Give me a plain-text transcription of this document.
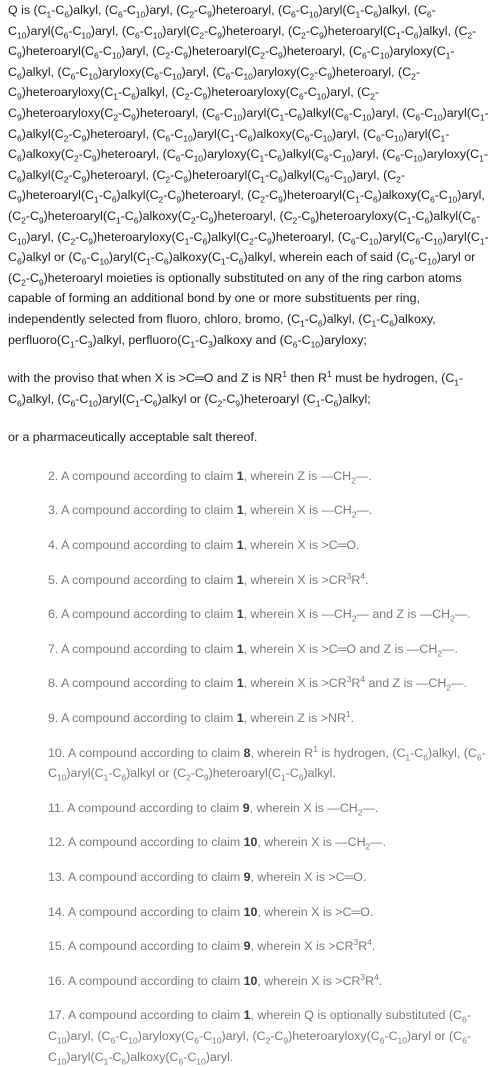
Q is $(C_1-C_6)alkyl$, $(C_6-C_{10})aryl$, $(C_2-C_9)heteroaryl$, $(C_6-C_{10})aryl(C_1-C_6)alkyl$, $(C_6-C_{10})aryl(C_6-C_{10})aryl$, $(C_6-C_{10})aryl(C_2-C_9)heteroaryl$, $(C_2-C_9)heteroaryl(C_1-C_6)alkyl$, $(C_2-C_9)heteroaryl(C_6-C_{10})aryl$, $(C_2-C_9)heteroaryl(C_2-C_9)heteroaryl$, $(C_6-C_{10})aryloxy(C_1-C_6)alkyl$, $(C_6-C_{10})aryloxy(C_6-C_{10})aryl$, $(C_6-C_{10})aryloxy(C_2-C_9)heteroaryl$, $(C_2-C_9)heteroaryloxy(C_1-C_6)alkyl$, $(C_2-C_9)heteroaryloxy(C_6-C_{10})aryl$, $(C_2-C_9)heteroaryloxy(C_2-C_9)heteroaryl$, $(C_6-C_{10})aryl(C_1-C_6)alkyl(C_6-C_{10})aryl$, $(C_6-C_{10})aryl(C_1-C_6)alkyl(C_2-C_9)heteroaryl$, $(C_6-C_{10})aryl(C_1-C_6)alkoxy(C_6-C_{10})aryl$, $(C_6-C_{10})aryl(C_1-C_6)alkoxy(C_2-C_9)heteroaryl$, $(C_6-C_{10})aryloxy(C_1-C_6)alkyl(C_6-C_{10})aryl$, $(C_6-C_{10})aryloxy(C_1-C_6)alkyl(C_2-C_9)heteroaryl$, $(C_2-C_9)heteroaryl(C_1-C_6)alkyl(C_6-C_{10})aryl$, $(C_2-C_9)heteroaryl(C_1-C_6)alkyl(C_2-C_9)heteroaryl$, $(C_2-C_9)heteroaryl(C_1-C_6)alkoxy(C_6-C_{10})aryl$, $(C_2-C_9)heteroaryl(C_1-C_6)alkoxy(C_2-C_9)heteroaryl$, $(C_2-C_9)heteroaryloxy(C_1-C_6)alkyl(C_6-C_{10})aryl$, $(C_2-C_9)heteroaryloxy(C_1-C_6)alkyl(C_2-C_9)heteroaryl$, $(C_6-C_{10})aryl(C_6-C_{10})aryl(C_1-C_6)alkyl$ or $(C_6-C_{10})aryl(C_1-C_6)alkoxy(C_1-C_6)alkyl$, wherein each of said $(C_6-C_{10})aryl$ or $(C_2-C_9)heteroaryl$ moieties is optionally substituted on any of the ring carbon atoms capable of forming an additional bond by one or more substituents per ring, independently selected from fluoro, chloro, bromo, $(C_1-C_6)alkyl$, $(C_1-C_6)alkoxy$, $perfluoro(C_1-C_3)alkyl$, $perfluoro(C_1-C_3)alkoxy$ and $(C_6-C_{10})aryloxy$;

with the proviso that when X is >C═O and Z is $NR^1$ then $R^1$ must be hydrogen, $(C_1-C_6)alkyl$, $(C_6-C_{10})aryl(C_1-C_6)alkyl$ or $(C_2-C_9)heteroaryl$ $(C_1-C_6)alkyl$;

or a pharmaceutically acceptable salt thereof.

2. A compound according to claim 1, wherein Z is $—CH_2—$.

3. A compound according to claim 1, wherein X is $—CH_2—$.

4. A compound according to claim 1, wherein X is >C═O.

5. A compound according to claim 1, wherein X is $>CR^3R^4$.

6. A compound according to claim 1, wherein X is $—CH_2—$ and Z is $—CH_2—$.

7. A compound according to claim 1, wherein X is >C═O and Z is $—CH_2—$.

8. A compound according to claim 1, wherein X is $>CR^3R^4$ and Z is $—CH_2—$.

9. A compound according to claim 1, wherein Z is $>NR^1$.

10. A compound according to claim 8, wherein $R^1$ is hydrogen, $(C_1-C_6)alkyl$, $(C_6-C_{10})aryl(C_1-C_6)alkyl$ or $(C_2-C_9)heteroaryl(C_1-C_6)alkyl$.

11. A compound according to claim 9, wherein X is $—CH_2—$.

12. A compound according to claim 10, wherein X is $—CH_2—$.

13. A compound according to claim 9, wherein X is >C═O.

14. A compound according to claim 10, wherein X is >C═O.

15. A compound according to claim 9, wherein X is $>CR^3R^4$.

16. A compound according to claim 10, wherein X is $>CR^3R^4$.

17. A compound according to claim 1, wherein Q is optionally substituted $(C_6-C_{10})aryl$, $(C_6-C_{10})aryloxy(C_6-C_{10})aryl$, $(C_2-C_9)heteroaryloxy(C_6-C_{10})aryl$ or $(C_6-C_{10})aryl(C_1-C_6)alkoxy(C_6-C_{10})aryl$.
